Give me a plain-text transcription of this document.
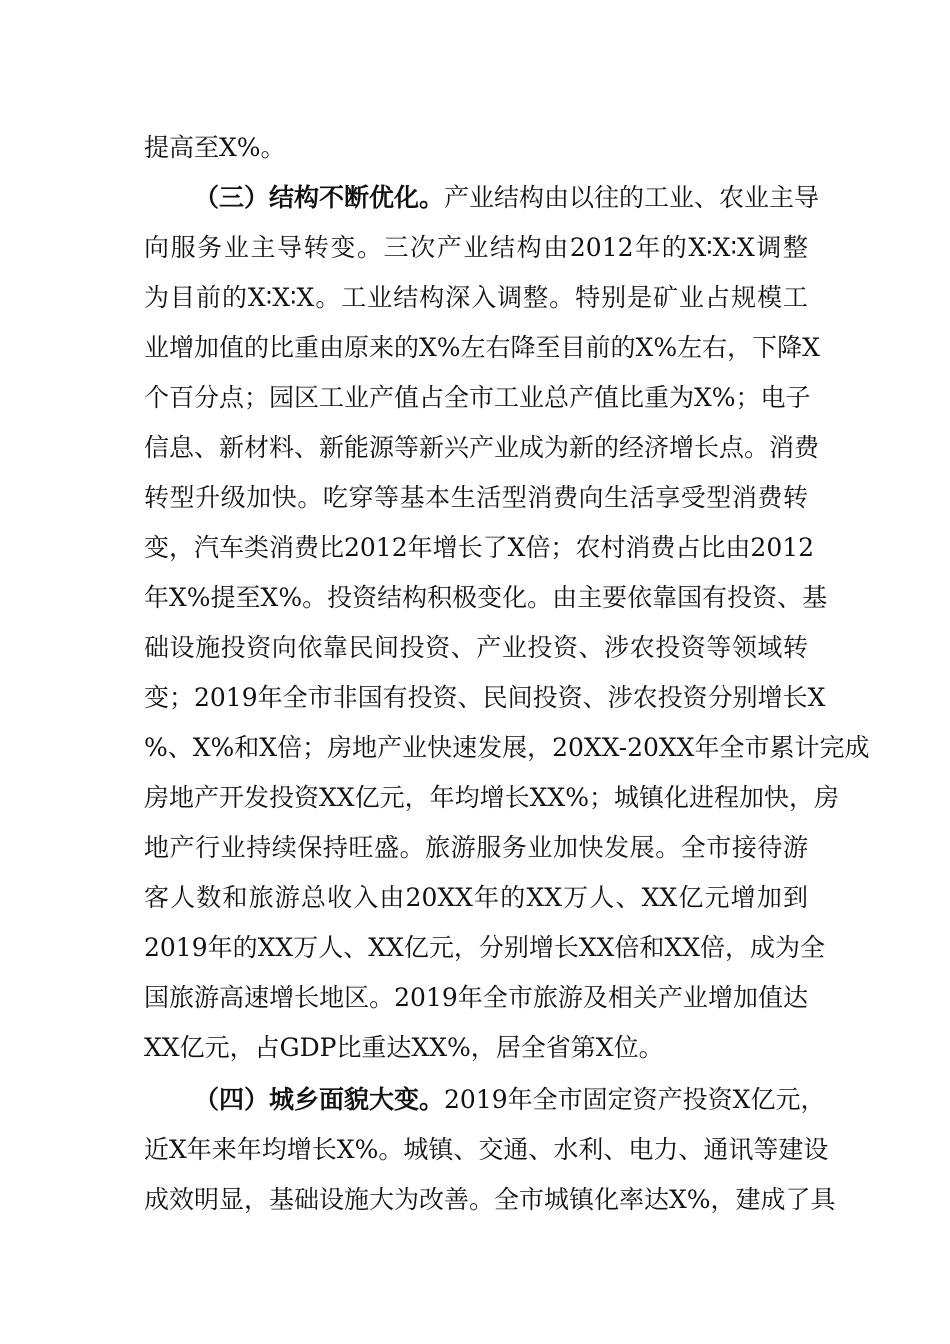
提高至X%。
（三）结构不断优化。产业结构由以往的工业、农业主导
向服务业主导转变。三次产业结构由2012年的X∶X∶X调整
为目前的X∶X∶X。工业结构深入调整。特别是矿业占规模工
业增加值的比重由原来的X%左右降至目前的X%左右，下降X
个百分点；园区工业产值占全市工业总产值比重为X%；电子
信息、新材料、新能源等新兴产业成为新的经济增长点。消费
转型升级加快。吃穿等基本生活型消费向生活享受型消费转
变，汽车类消费比2012年增长了X倍；农村消费占比由2012
年X%提至X%。投资结构积极变化。由主要依靠国有投资、基
础设施投资向依靠民间投资、产业投资、涉农投资等领域转
变；2019年全市非国有投资、民间投资、涉农投资分别增长X
%、X%和X倍；房地产业快速发展，20XX-20XX年全市累计完成
房地产开发投资XX亿元，年均增长XX%；城镇化进程加快，房
地产行业持续保持旺盛。旅游服务业加快发展。全市接待游
客人数和旅游总收入由20XX年的XX万人、XX亿元增加到
2019年的XX万人、XX亿元，分别增长XX倍和XX倍，成为全
国旅游高速增长地区。2019年全市旅游及相关产业增加值达
XX亿元，占GDP比重达XX%，居全省第X位。
（四）城乡面貌大变。2019年全市固定资产投资X亿元，
近X年来年均增长X%。城镇、交通、水利、电力、通讯等建设
成效明显，基础设施大为改善。全市城镇化率达X%，建成了具
